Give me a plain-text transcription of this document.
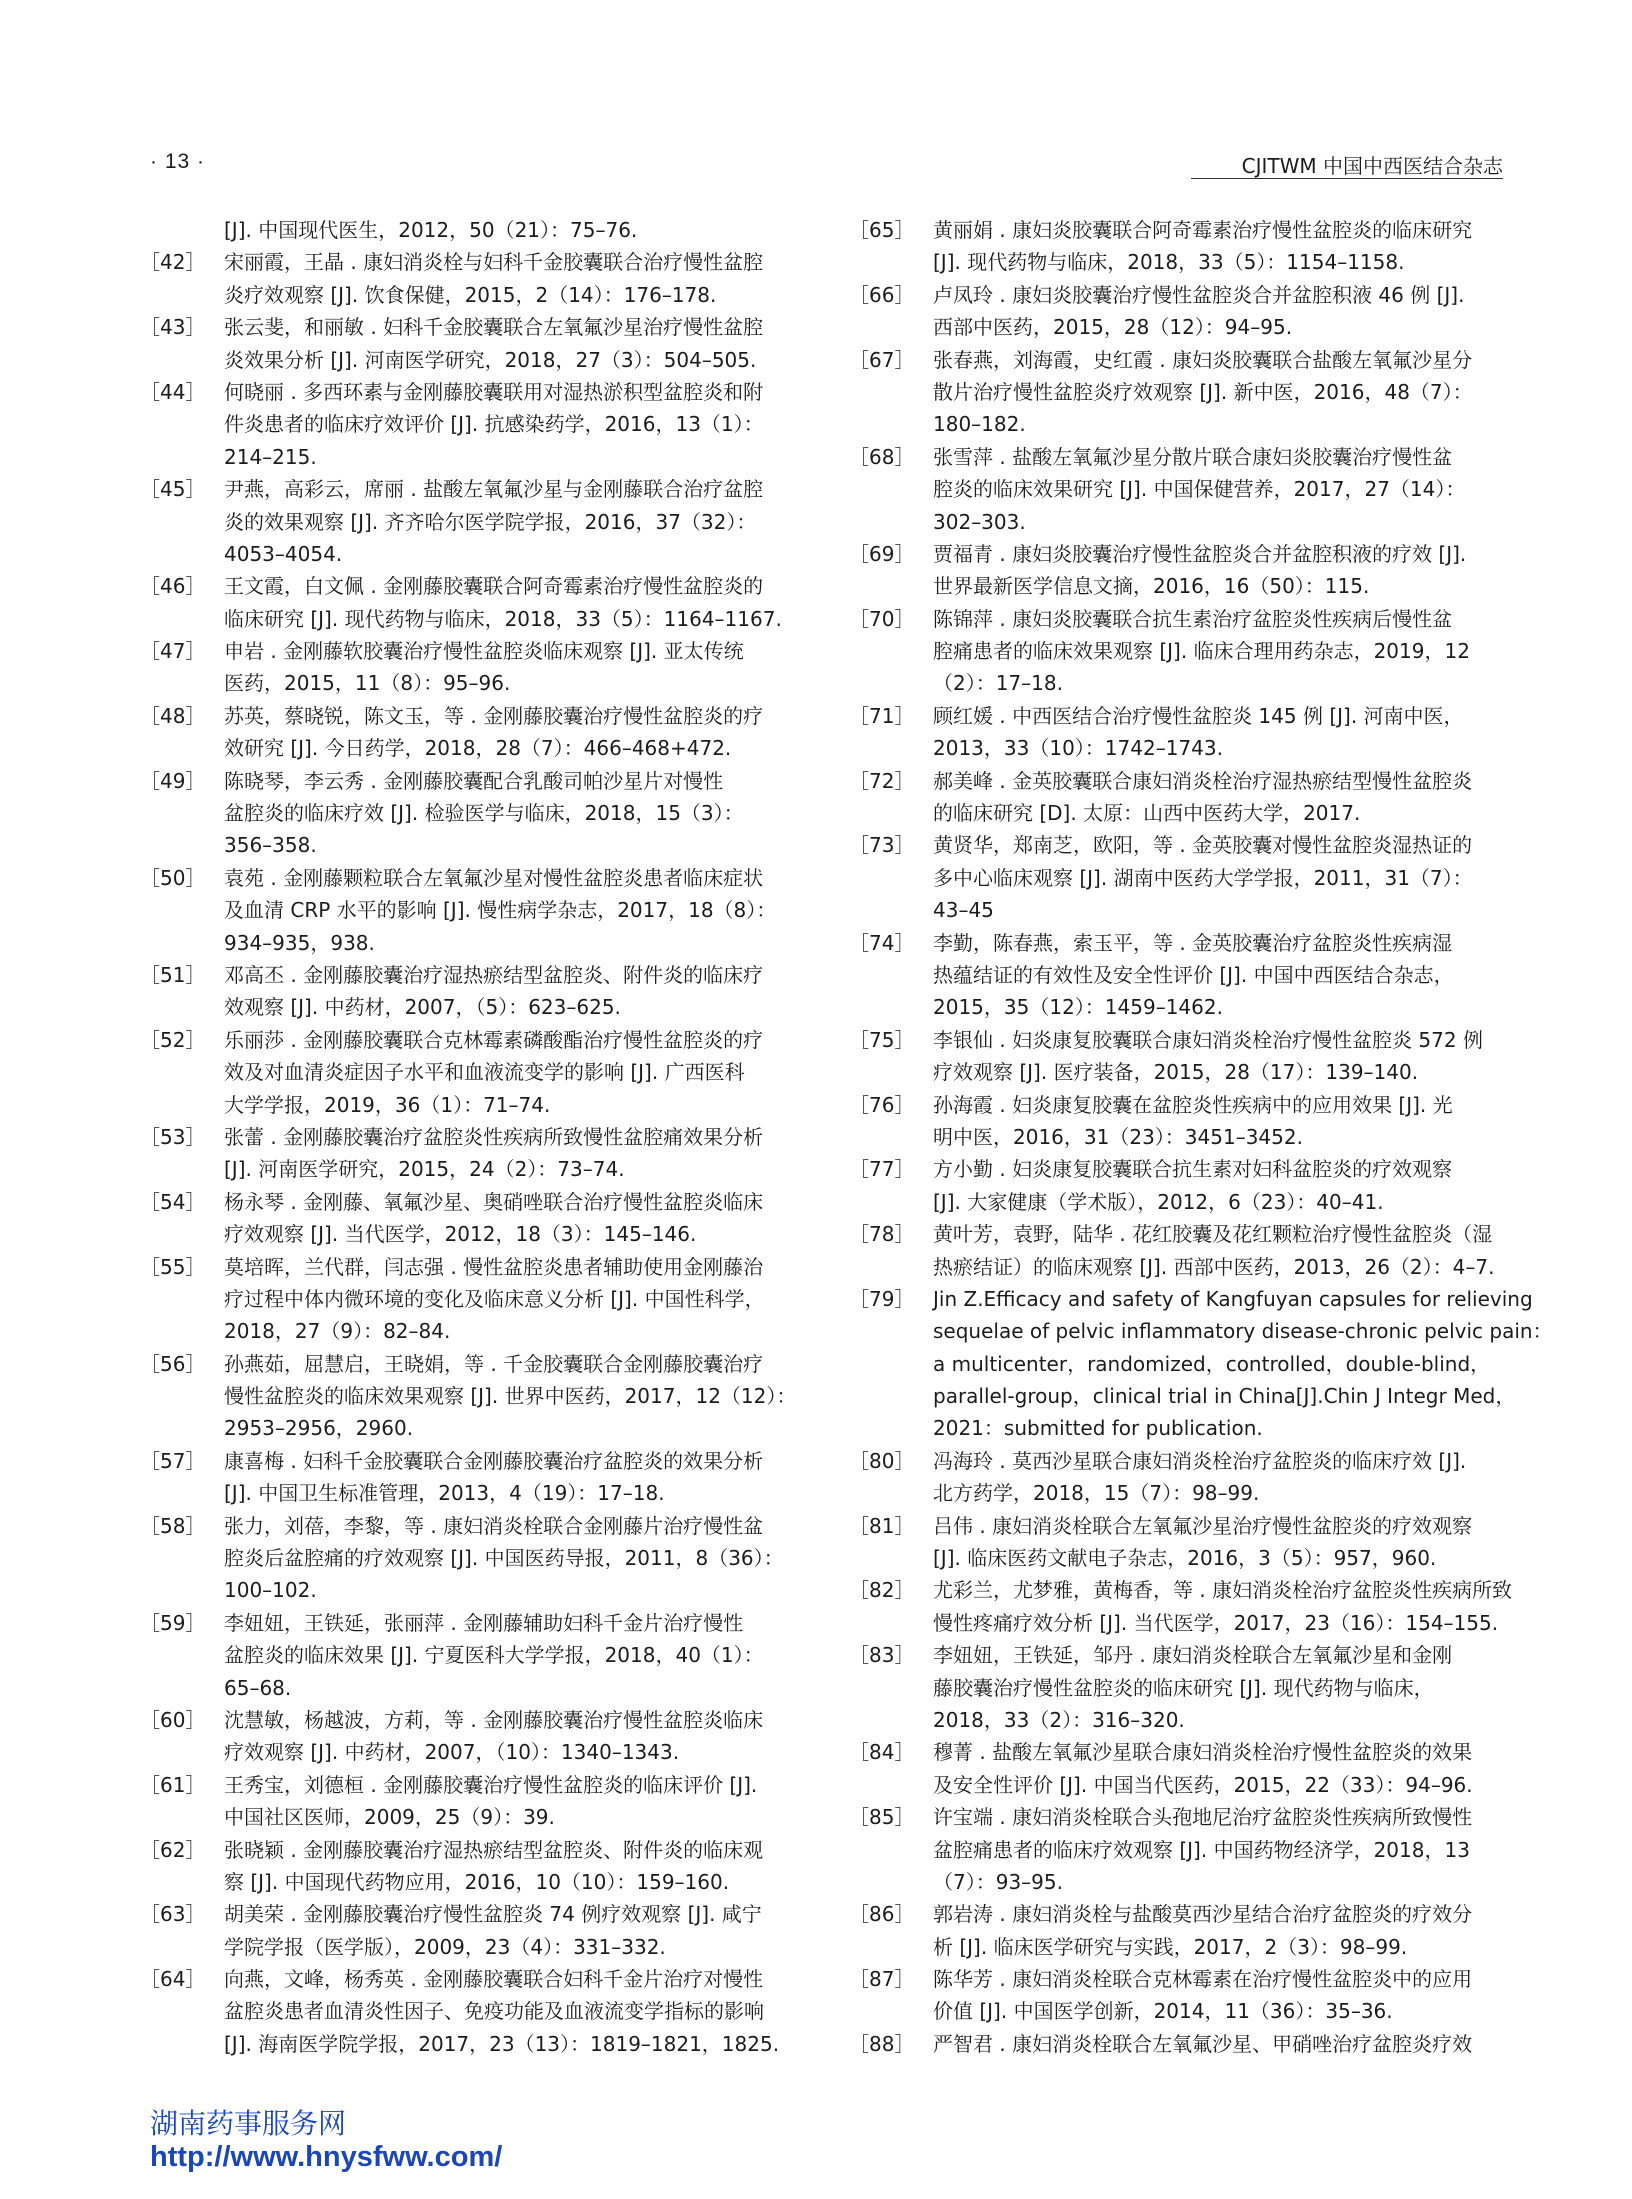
· 13 ·	CJITWM 中国中西医结合杂志
[J]. 中国现代医生，2012，50（21）：75–76.
［42］ 宋丽霞，王晶 . 康妇消炎栓与妇科千金胶囊联合治疗慢性盆腔
炎疗效观察 [J]. 饮食保健，2015，2（14）：176–178.
［43］ 张云斐，和丽敏 . 妇科千金胶囊联合左氧氟沙星治疗慢性盆腔
炎效果分析 [J]. 河南医学研究，2018，27（3）：504–505.
［44］ 何晓丽 . 多西环素与金刚藤胶囊联用对湿热淤积型盆腔炎和附
件炎患者的临床疗效评价 [J]. 抗感染药学，2016，13（1）：
214–215.
［45］ 尹燕，高彩云，席丽 . 盐酸左氧氟沙星与金刚藤联合治疗盆腔
炎的效果观察 [J]. 齐齐哈尔医学院学报，2016，37（32）：
4053–4054.
［46］ 王文霞，白文佩 . 金刚藤胶囊联合阿奇霉素治疗慢性盆腔炎的
临床研究 [J]. 现代药物与临床，2018，33（5）：1164–1167.
［47］ 申岩 . 金刚藤软胶囊治疗慢性盆腔炎临床观察 [J]. 亚太传统
医药，2015，11（8）：95–96.
［48］ 苏英，蔡晓锐，陈文玉，等 . 金刚藤胶囊治疗慢性盆腔炎的疗
效研究 [J]. 今日药学，2018，28（7）：466–468+472.
［49］ 陈晓琴，李云秀 . 金刚藤胶囊配合乳酸司帕沙星片对慢性
盆腔炎的临床疗效 [J]. 检验医学与临床，2018，15（3）：
356–358.
［50］ 袁苑 . 金刚藤颗粒联合左氧氟沙星对慢性盆腔炎患者临床症状
及血清 CRP 水平的影响 [J]. 慢性病学杂志，2017，18（8）：
934–935，938.
［51］ 邓高丕 . 金刚藤胶囊治疗湿热瘀结型盆腔炎、附件炎的临床疗
效观察 [J]. 中药材，2007，（5）：623–625.
［52］ 乐丽莎 . 金刚藤胶囊联合克林霉素磷酸酯治疗慢性盆腔炎的疗
效及对血清炎症因子水平和血液流变学的影响 [J]. 广西医科
大学学报，2019，36（1）：71–74.
［53］ 张蕾 . 金刚藤胶囊治疗盆腔炎性疾病所致慢性盆腔痛效果分析
[J]. 河南医学研究，2015，24（2）：73–74.
［54］ 杨永琴 . 金刚藤、氧氟沙星、奥硝唑联合治疗慢性盆腔炎临床
疗效观察 [J]. 当代医学，2012，18（3）：145–146.
［55］ 莫培晖，兰代群，闫志强 . 慢性盆腔炎患者辅助使用金刚藤治
疗过程中体内微环境的变化及临床意义分析 [J]. 中国性科学，
2018，27（9）：82–84.
［56］ 孙燕茹，屈慧启，王晓娟，等 . 千金胶囊联合金刚藤胶囊治疗
慢性盆腔炎的临床效果观察 [J]. 世界中医药，2017，12（12）：
2953–2956，2960.
［57］ 康喜梅 . 妇科千金胶囊联合金刚藤胶囊治疗盆腔炎的效果分析
[J]. 中国卫生标准管理，2013，4（19）：17–18.
［58］ 张力，刘蓓，李黎，等 . 康妇消炎栓联合金刚藤片治疗慢性盆
腔炎后盆腔痛的疗效观察 [J]. 中国医药导报，2011，8（36）：
100–102.
［59］ 李妞妞，王铁延，张丽萍 . 金刚藤辅助妇科千金片治疗慢性
盆腔炎的临床效果 [J]. 宁夏医科大学学报，2018，40（1）：
65–68.
［60］ 沈慧敏，杨越波，方莉，等 . 金刚藤胶囊治疗慢性盆腔炎临床
疗效观察 [J]. 中药材，2007，（10）：1340–1343.
［61］ 王秀宝，刘德桓 . 金刚藤胶囊治疗慢性盆腔炎的临床评价 [J].
中国社区医师，2009，25（9）：39.
［62］ 张晓颖 . 金刚藤胶囊治疗湿热瘀结型盆腔炎、附件炎的临床观
察 [J]. 中国现代药物应用，2016，10（10）：159–160.
［63］ 胡美荣 . 金刚藤胶囊治疗慢性盆腔炎 74 例疗效观察 [J]. 咸宁
学院学报（医学版），2009，23（4）：331–332.
［64］ 向燕，文峰，杨秀英 . 金刚藤胶囊联合妇科千金片治疗对慢性
盆腔炎患者血清炎性因子、免疫功能及血液流变学指标的影响
[J]. 海南医学院学报，2017，23（13）：1819–1821，1825.
［65］ 黄丽娟 . 康妇炎胶囊联合阿奇霉素治疗慢性盆腔炎的临床研究
[J]. 现代药物与临床，2018，33（5）：1154–1158.
［66］ 卢凤玲 . 康妇炎胶囊治疗慢性盆腔炎合并盆腔积液 46 例 [J].
西部中医药，2015，28（12）：94–95.
［67］ 张春燕，刘海霞，史红霞 . 康妇炎胶囊联合盐酸左氧氟沙星分
散片治疗慢性盆腔炎疗效观察 [J]. 新中医，2016，48（7）：
180–182.
［68］ 张雪萍 . 盐酸左氧氟沙星分散片联合康妇炎胶囊治疗慢性盆
腔炎的临床效果研究 [J]. 中国保健营养，2017，27（14）：
302–303.
［69］ 贾福青 . 康妇炎胶囊治疗慢性盆腔炎合并盆腔积液的疗效 [J].
世界最新医学信息文摘，2016，16（50）：115.
［70］ 陈锦萍 . 康妇炎胶囊联合抗生素治疗盆腔炎性疾病后慢性盆
腔痛患者的临床效果观察 [J]. 临床合理用药杂志，2019，12
（2）：17–18.
［71］ 顾红媛 . 中西医结合治疗慢性盆腔炎 145 例 [J]. 河南中医，
2013，33（10）：1742–1743.
［72］ 郝美峰 . 金英胶囊联合康妇消炎栓治疗湿热瘀结型慢性盆腔炎
的临床研究 [D]. 太原：山西中医药大学，2017.
［73］ 黄贤华，郑南芝，欧阳，等 . 金英胶囊对慢性盆腔炎湿热证的
多中心临床观察 [J]. 湖南中医药大学学报，2011，31（7）：
43–45
［74］ 李勤，陈春燕，索玉平，等 . 金英胶囊治疗盆腔炎性疾病湿
热蕴结证的有效性及安全性评价 [J]. 中国中西医结合杂志，
2015，35（12）：1459–1462.
［75］ 李银仙 . 妇炎康复胶囊联合康妇消炎栓治疗慢性盆腔炎 572 例
疗效观察 [J]. 医疗装备，2015，28（17）：139–140.
［76］ 孙海霞 . 妇炎康复胶囊在盆腔炎性疾病中的应用效果 [J]. 光
明中医，2016，31（23）：3451–3452.
［77］ 方小勤 . 妇炎康复胶囊联合抗生素对妇科盆腔炎的疗效观察
[J]. 大家健康（学术版），2012，6（23）：40–41.
［78］ 黄叶芳，袁野，陆华 . 花红胶囊及花红颗粒治疗慢性盆腔炎（湿
热瘀结证）的临床观察 [J]. 西部中医药，2013，26（2）：4–7.
［79］ Jin Z.Efficacy and safety of Kangfuyan capsules for relieving
sequelae of pelvic inflammatory disease-chronic pelvic pain：
a multicenter，randomized，controlled，double-blind，
parallel-group，clinical trial in China[J].Chin J Integr Med，
2021：submitted for publication.
［80］ 冯海玲 . 莫西沙星联合康妇消炎栓治疗盆腔炎的临床疗效 [J].
北方药学，2018，15（7）：98–99.
［81］ 吕伟 . 康妇消炎栓联合左氧氟沙星治疗慢性盆腔炎的疗效观察
[J]. 临床医药文献电子杂志，2016，3（5）：957，960.
［82］ 尤彩兰，尤梦雅，黄梅香，等 . 康妇消炎栓治疗盆腔炎性疾病所致
慢性疼痛疗效分析 [J]. 当代医学，2017，23（16）：154–155.
［83］ 李妞妞，王铁延，邹丹 . 康妇消炎栓联合左氧氟沙星和金刚
藤胶囊治疗慢性盆腔炎的临床研究 [J]. 现代药物与临床，
2018，33（2）：316–320.
［84］ 穆菁 . 盐酸左氧氟沙星联合康妇消炎栓治疗慢性盆腔炎的效果
及安全性评价 [J]. 中国当代医药，2015，22（33）：94–96.
［85］ 许宝端 . 康妇消炎栓联合头孢地尼治疗盆腔炎性疾病所致慢性
盆腔痛患者的临床疗效观察 [J]. 中国药物经济学，2018，13
（7）：93–95.
［86］ 郭岩涛 . 康妇消炎栓与盐酸莫西沙星结合治疗盆腔炎的疗效分
析 [J]. 临床医学研究与实践，2017，2（3）：98–99.
［87］ 陈华芳 . 康妇消炎栓联合克林霉素在治疗慢性盆腔炎中的应用
价值 [J]. 中国医学创新，2014，11（36）：35–36.
［88］ 严智君 . 康妇消炎栓联合左氧氟沙星、甲硝唑治疗盆腔炎疗效
湖南药事服务网
http://www.hnysfww.com/
